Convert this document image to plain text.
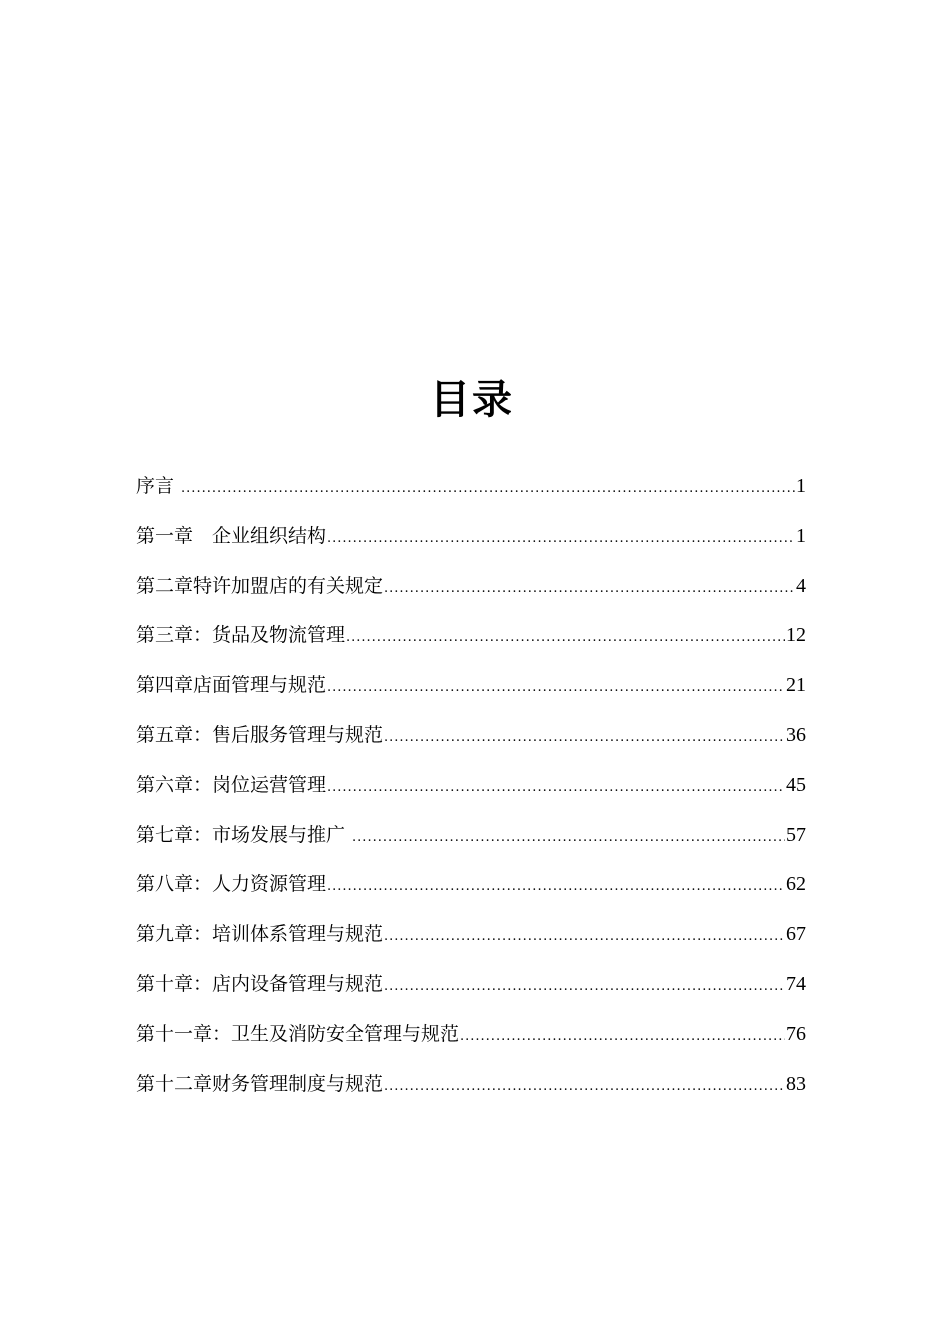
目录
序言 .....	1
第一章　企业组织结构 .....	1
第二章特许加盟店的有关规定 .....	4
第三章：货品及物流管理 .....	12
第四章店面管理与规范 .....	21
第五章：售后服务管理与规范 .....	36
第六章：岗位运营管理 .....	45
第七章：市场发展与推广 .....	57
第八章：人力资源管理 .....	62
第九章：培训体系管理与规范 .....	67
第十章：店内设备管理与规范 .....	74
第十一章：卫生及消防安全管理与规范 .....	76
第十二章财务管理制度与规范 .....	83
